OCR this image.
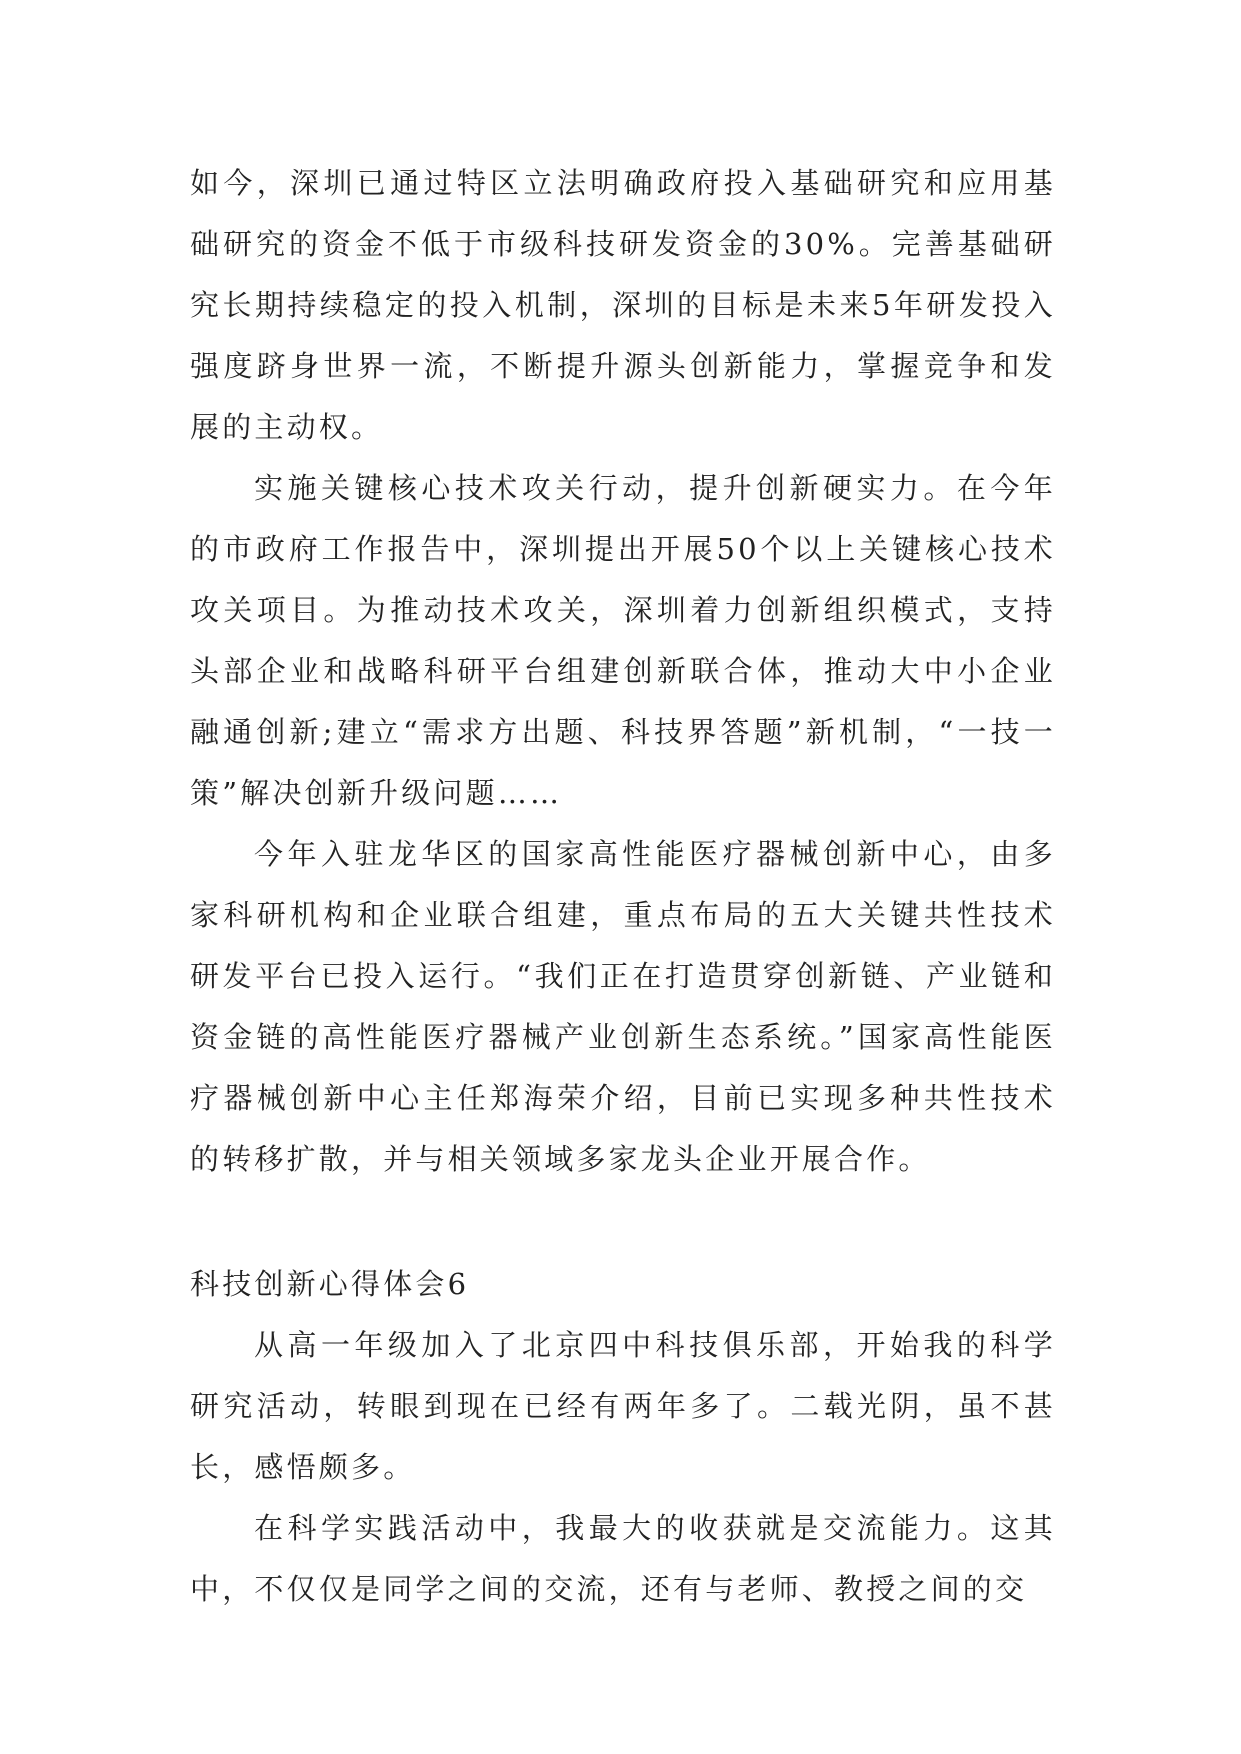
如今，深圳已通过特区立法明确政府投入基础研究和应用基础研究的资金不低于市级科技研发资金的30%。完善基础研究长期持续稳定的投入机制，深圳的目标是未来5年研发投入强度跻身世界一流，不断提升源头创新能力，掌握竞争和发展的主动权。

实施关键核心技术攻关行动，提升创新硬实力。在今年的市政府工作报告中，深圳提出开展50个以上关键核心技术攻关项目。为推动技术攻关，深圳着力创新组织模式，支持头部企业和战略科研平台组建创新联合体，推动大中小企业融通创新;建立“需求方出题、科技界答题”新机制，“一技一策”解决创新升级问题……

今年入驻龙华区的国家高性能医疗器械创新中心，由多家科研机构和企业联合组建，重点布局的五大关键共性技术研发平台已投入运行。“我们正在打造贯穿创新链、产业链和资金链的高性能医疗器械产业创新生态系统。”国家高性能医疗器械创新中心主任郑海荣介绍，目前已实现多种共性技术的转移扩散，并与相关领域多家龙头企业开展合作。

科技创新心得体会6

从高一年级加入了北京四中科技俱乐部，开始我的科学研究活动，转眼到现在已经有两年多了。二载光阴，虽不甚长，感悟颇多。

在科学实践活动中，我最大的收获就是交流能力。这其中，不仅仅是同学之间的交流，还有与老师、教授之间的交
